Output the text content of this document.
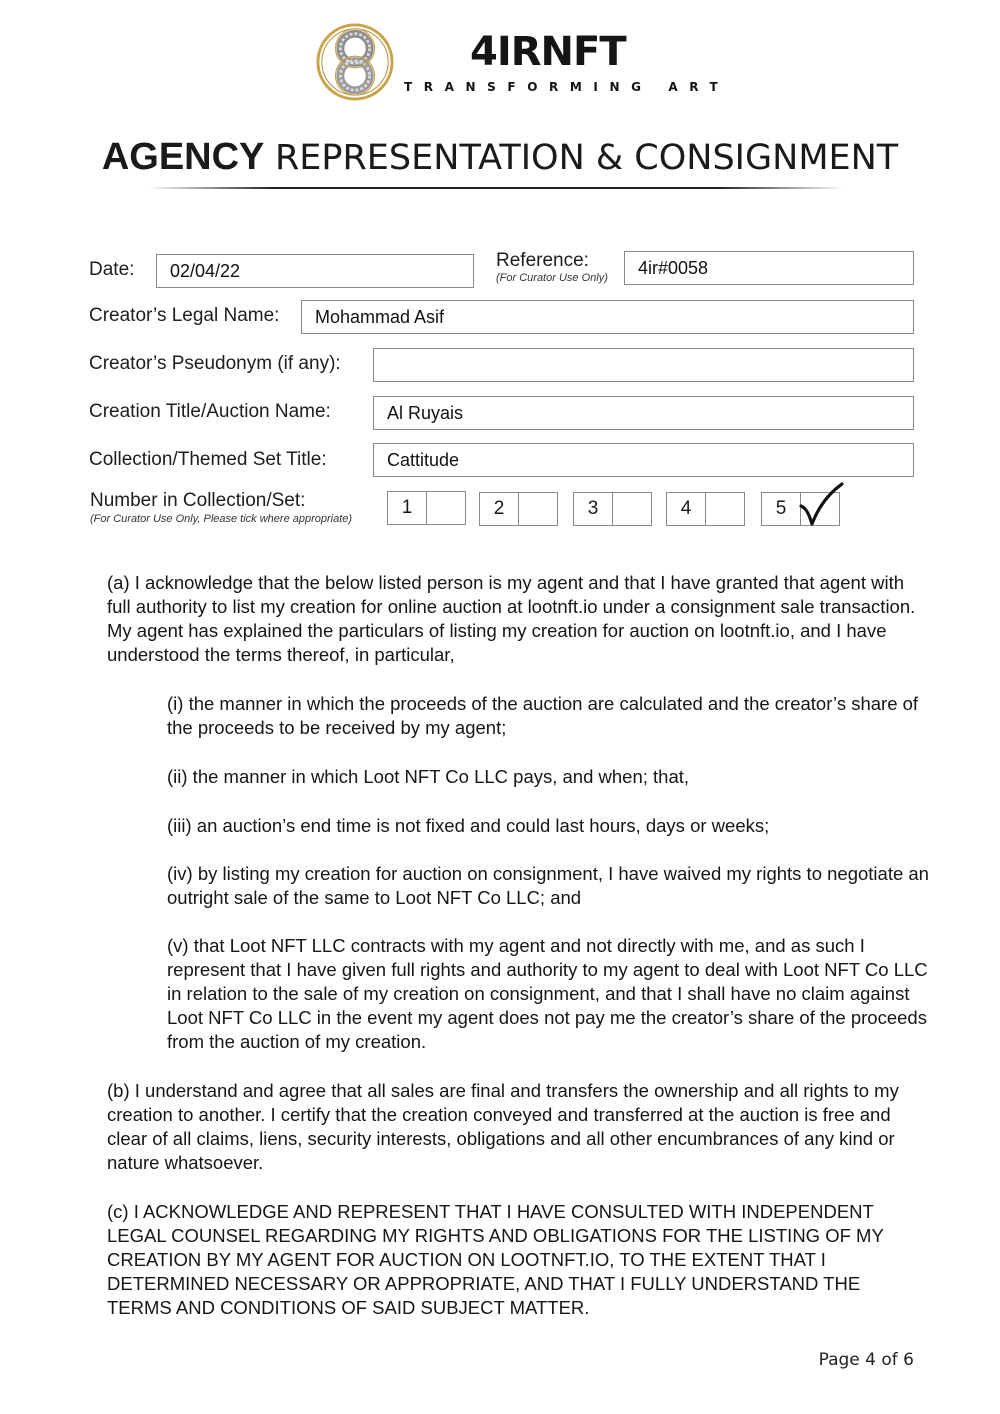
4IRNFT
TRANSFORMING ART
AGENCY REPRESENTATION & CONSIGNMENT
Date:	02/04/22	Reference:
(For Curator Use Only)	4ir#0058
Creator’s Legal Name:	Mohammad Asif
Creator’s Pseudonym (if any):
Creation Title/Auction Name:	Al Ruyais
Collection/Themed Set Title:	Cattitude
Number in Collection/Set:
(For Curator Use Only, Please tick where appropriate)
1	2	3	4	5
(a) I acknowledge that the below listed person is my agent and that I have granted that agent with full authority to list my creation for online auction at lootnft.io under a consignment sale transaction. My agent has explained the particulars of listing my creation for auction on lootnft.io, and I have understood the terms thereof, in particular,
(i) the manner in which the proceeds of the auction are calculated and the creator’s share of the proceeds to be received by my agent;
(ii) the manner in which Loot NFT Co LLC pays, and when; that,
(iii) an auction’s end time is not fixed and could last hours, days or weeks;
(iv) by listing my creation for auction on consignment, I have waived my rights to negotiate an outright sale of the same to Loot NFT Co LLC; and
(v) that Loot NFT LLC contracts with my agent and not directly with me, and as such I represent that I have given full rights and authority to my agent to deal with Loot NFT Co LLC in relation to the sale of my creation on consignment, and that I shall have no claim against Loot NFT Co LLC in the event my agent does not pay me the creator’s share of the proceeds from the auction of my creation.
(b) I understand and agree that all sales are final and transfers the ownership and all rights to my creation to another. I certify that the creation conveyed and transferred at the auction is free and clear of all claims, liens, security interests, obligations and all other encumbrances of any kind or nature whatsoever.
(c) I ACKNOWLEDGE AND REPRESENT THAT I HAVE CONSULTED WITH INDEPENDENT LEGAL COUNSEL REGARDING MY RIGHTS AND OBLIGATIONS FOR THE LISTING OF MY CREATION BY MY AGENT FOR AUCTION ON LOOTNFT.IO, TO THE EXTENT THAT I DETERMINED NECESSARY OR APPROPRIATE, AND THAT I FULLY UNDERSTAND THE TERMS AND CONDITIONS OF SAID SUBJECT MATTER.
Page 4 of 6
